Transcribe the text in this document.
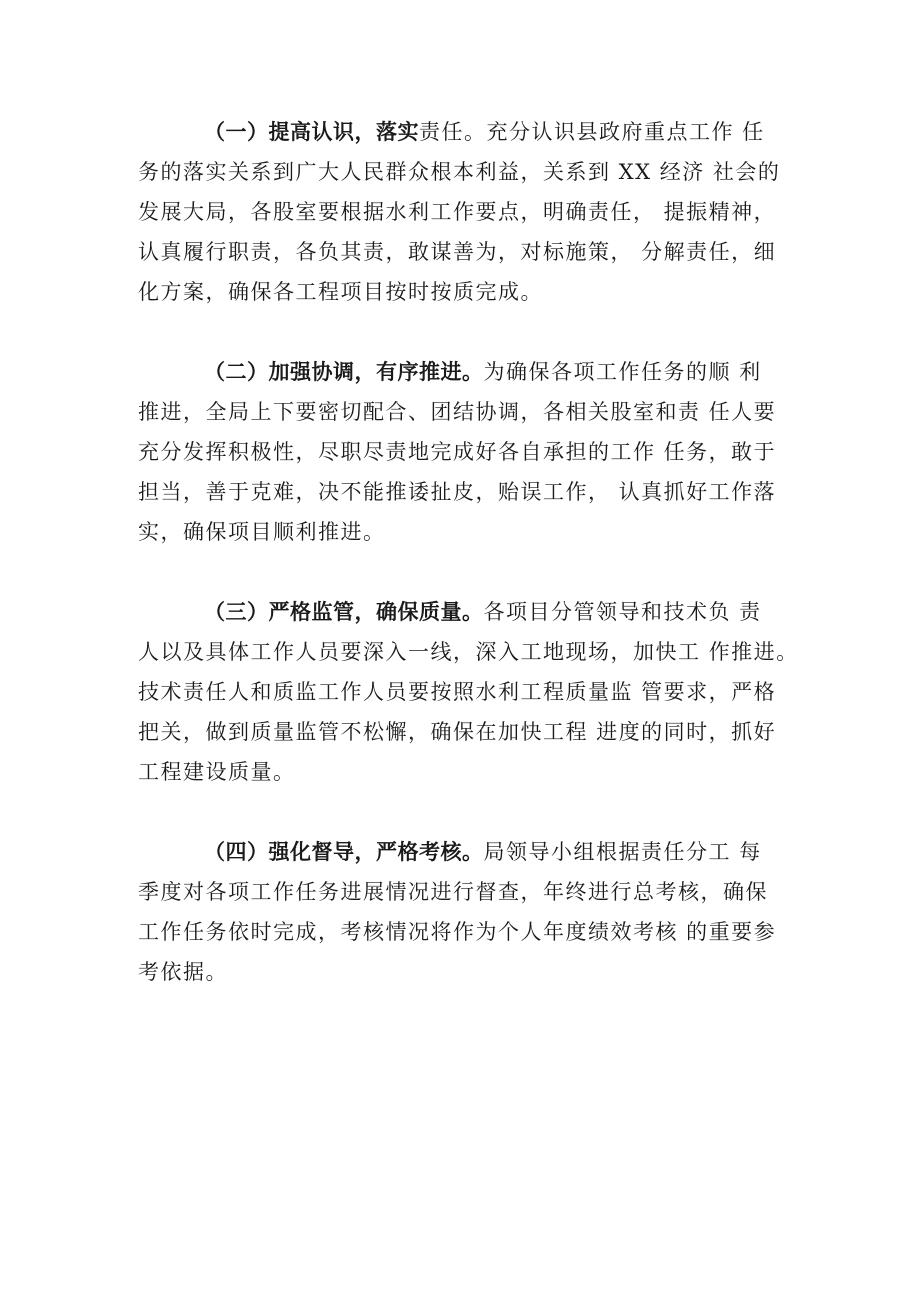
（一）提高认识，落实责任。充分认识县政府重点工作 任
务的落实关系到广大人民群众根本利益，关系到 XX 经济 社会的
发展大局，各股室要根据水利工作要点，明确责任， 提振精神，
认真履行职责，各负其责，敢谋善为，对标施策， 分解责任，细
化方案，确保各工程项目按时按质完成。
（二）加强协调，有序推进。为确保各项工作任务的顺 利
推进，全局上下要密切配合、团结协调，各相关股室和责 任人要
充分发挥积极性，尽职尽责地完成好各自承担的工作 任务，敢于
担当，善于克难，决不能推诿扯皮，贻误工作， 认真抓好工作落
实，确保项目顺利推进。
（三）严格监管，确保质量。各项目分管领导和技术负 责
人以及具体工作人员要深入一线，深入工地现场，加快工 作推进。
技术责任人和质监工作人员要按照水利工程质量监 管要求，严格
把关，做到质量监管不松懈，确保在加快工程 进度的同时，抓好
工程建设质量。
（四）强化督导，严格考核。局领导小组根据责任分工 每
季度对各项工作任务进展情况进行督查，年终进行总考核，确保
工作任务依时完成，考核情况将作为个人年度绩效考核 的重要参
考依据。
